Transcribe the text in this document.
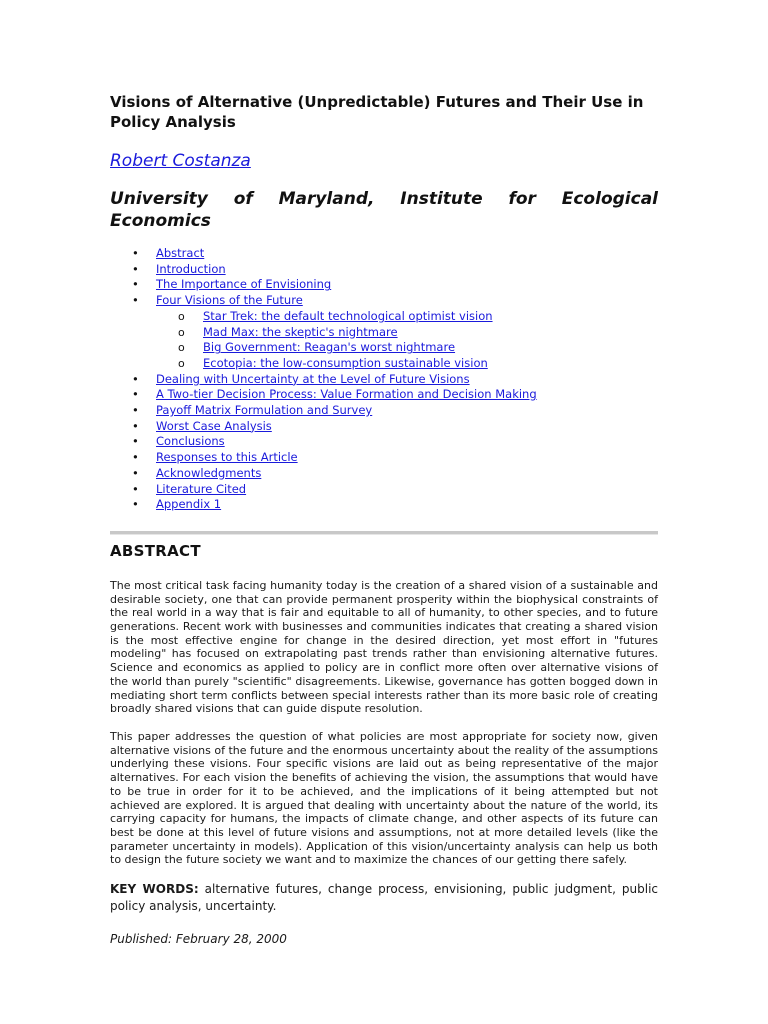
Visions of Alternative (Unpredictable) Futures and Their Use in Policy Analysis
Robert Costanza

University of Maryland, Institute for Ecological Economics

• Abstract
• Introduction
• The Importance of Envisioning
• Four Visions of the Future
o Star Trek: the default technological optimist vision
o Mad Max: the skeptic's nightmare
o Big Government: Reagan's worst nightmare
o Ecotopia: the low-consumption sustainable vision
• Dealing with Uncertainty at the Level of Future Visions
• A Two-tier Decision Process: Value Formation and Decision Making
• Payoff Matrix Formulation and Survey
• Worst Case Analysis
• Conclusions
• Responses to this Article
• Acknowledgments
• Literature Cited
• Appendix 1
ABSTRACT

The most critical task facing humanity today is the creation of a shared vision of a sustainable and desirable society, one that can provide permanent prosperity within the biophysical constraints of the real world in a way that is fair and equitable to all of humanity, to other species, and to future generations. Recent work with businesses and communities indicates that creating a shared vision is the most effective engine for change in the desired direction, yet most effort in "futures modeling" has focused on extrapolating past trends rather than envisioning alternative futures. Science and economics as applied to policy are in conflict more often over alternative visions of the world than purely "scientific" disagreements. Likewise, governance has gotten bogged down in mediating short term conflicts between special interests rather than its more basic role of creating broadly shared visions that can guide dispute resolution.

This paper addresses the question of what policies are most appropriate for society now, given alternative visions of the future and the enormous uncertainty about the reality of the assumptions underlying these visions. Four specific visions are laid out as being representative of the major alternatives. For each vision the benefits of achieving the vision, the assumptions that would have to be true in order for it to be achieved, and the implications of it being attempted but not achieved are explored. It is argued that dealing with uncertainty about the nature of the world, its carrying capacity for humans, the impacts of climate change, and other aspects of its future can best be done at this level of future visions and assumptions, not at more detailed levels (like the parameter uncertainty in models). Application of this vision/uncertainty analysis can help us both to design the future society we want and to maximize the chances of our getting there safely.

KEY WORDS: alternative futures, change process, envisioning, public judgment, public policy analysis, uncertainty.

Published: February 28, 2000
